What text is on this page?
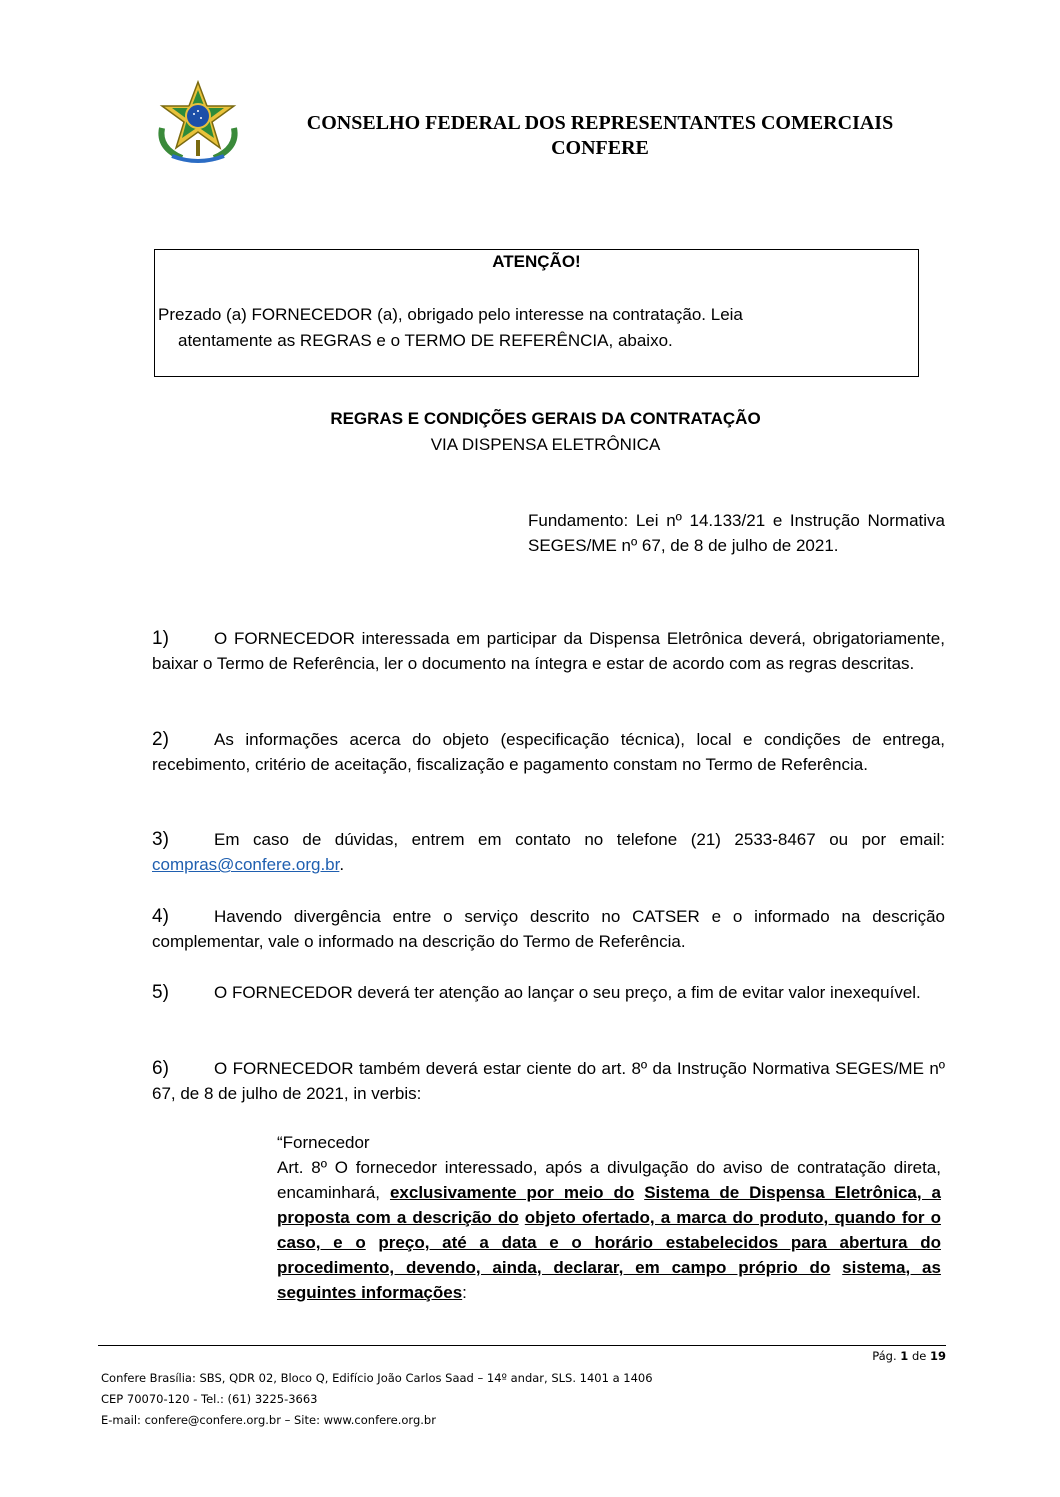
CONSELHO FEDERAL DOS REPRESENTANTES COMERCIAIS
CONFERE
ATENÇÃO!
Prezado (a) FORNECEDOR (a), obrigado pelo interesse na contratação. Leia
atentamente as REGRAS e o TERMO DE REFERÊNCIA, abaixo.
REGRAS E CONDIÇÕES GERAIS DA CONTRATAÇÃO
VIA DISPENSA ELETRÔNICA
Fundamento: Lei nº 14.133/21 e Instrução Normativa SEGES/ME nº 67, de 8 de julho de 2021.
1)	O FORNECEDOR interessada em participar da Dispensa Eletrônica deverá, obrigatoriamente, baixar o Termo de Referência, ler o documento na íntegra e estar de acordo com as regras descritas.
2)	As informações acerca do objeto (especificação técnica), local e condições de entrega, recebimento, critério de aceitação, fiscalização e pagamento constam no Termo de Referência.
3)	Em caso de dúvidas, entrem em contato no telefone (21) 2533-8467 ou por email: compras@confere.org.br.
4)	Havendo divergência entre o serviço descrito no CATSER e o informado na descrição complementar, vale o informado na descrição do Termo de Referência.
5)	O FORNECEDOR deverá ter atenção ao lançar o seu preço, a fim de evitar valor inexequível.
6)	O FORNECEDOR também deverá estar ciente do art. 8º da Instrução Normativa SEGES/ME nº 67, de 8 de julho de 2021, in verbis:
“Fornecedor
Art. 8º O fornecedor interessado, após a divulgação do aviso de contratação direta, encaminhará, exclusivamente por meio do Sistema de Dispensa Eletrônica, a proposta com a descrição do objeto ofertado, a marca do produto, quando for o caso, e o preço, até a data e o horário estabelecidos para abertura do procedimento, devendo, ainda, declarar, em campo próprio do sistema, as seguintes informações:
Pág. 1 de 19
Confere Brasília: SBS, QDR 02, Bloco Q, Edifício João Carlos Saad – 14º andar, SLS. 1401 a 1406
CEP 70070-120 - Tel.: (61) 3225-3663
E-mail: confere@confere.org.br – Site: www.confere.org.br
